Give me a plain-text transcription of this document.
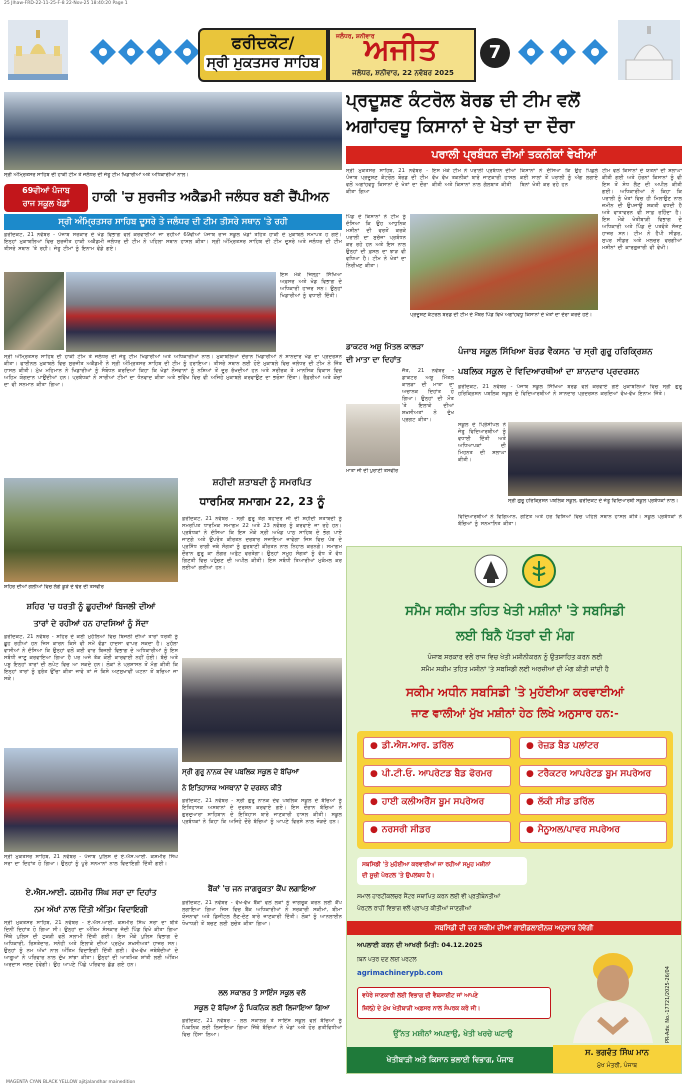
25 Jlhaw-FRD-22-11-25-F-8 22-Nov-25 18:40:20 Page 1
ਫਰੀਦਕੋਟ/
ਸ੍ਰੀ ਮੁਕਤਸਰ ਸਾਹਿਬ
ਜਲੰਧਰ, ਸ਼ਨੀਵਾਰ
ਅਜੀਤ
ਜਲੰਧਰ, ਸ਼ਨੀਵਾਰ, 22 ਨਵੰਬਰ 2025
7
ਪ੍ਰਦੂਸ਼ਣ ਕੰਟਰੋਲ ਬੋਰਡ ਦੀ ਟੀਮ ਵਲੋਂ
ਅਗਾਂਹਵਧੂ ਕਿਸਾਨਾਂ ਦੇ ਖੇਤਾਂ ਦਾ ਦੌਰਾ
ਪਰਾਲੀ ਪ੍ਰਬੰਧਨ ਦੀਆਂ ਤਕਨੀਕਾਂ ਵੇਖੀਆਂ
ਸ੍ਰੀ ਮੁਕਤਸਰ ਸਾਹਿਬ, 21 ਨਵੰਬਰ - ਪੰਜਾਬ ਪ੍ਰਦੂਸ਼ਣ ਕੰਟਰੋਲ ਬੋਰਡ ਦੀ ਟੀਮ ਵਲੋਂ ਅਗਾਂਹਵਧੂ ਕਿਸਾਨਾਂ ਦੇ ਖੇਤਾਂ ਦਾ ਦੌਰਾ ਕੀਤਾ ਗਿਆ
ਇਸ ਮੌਕੇ ਟੀਮ ਨੇ ਪਰਾਲੀ ਪ੍ਰਬੰਧਨ ਦੀਆਂ ਵੱਖ ਵੱਖ ਤਕਨੀਕਾਂ ਬਾਰੇ ਜਾਣਕਾਰੀ ਹਾਸਲ ਕੀਤੀ ਅਤੇ ਕਿਸਾਨਾਂ ਨਾਲ ਗੱਲਬਾਤ ਕੀਤੀ
ਕਿਸਾਨਾਂ ਨੇ ਦੱਸਿਆ ਕਿ ਉਹ ਪਿਛਲੇ ਕਈ ਸਾਲਾਂ ਤੋਂ ਪਰਾਲੀ ਨੂੰ ਅੱਗ ਲਗਾਏ ਬਿਨਾਂ ਖੇਤੀ ਕਰ ਰਹੇ ਹਨ
ਟੀਮ ਵਲੋਂ ਕਿਸਾਨਾਂ ਦੇ ਯਤਨਾਂ ਦੀ ਸ਼ਲਾਘਾ ਕੀਤੀ ਗਈ ਅਤੇ ਹੋਰਨਾਂ ਕਿਸਾਨਾਂ ਨੂੰ ਵੀ ਇਸ ਤੋਂ ਸੇਧ ਲੈਣ ਦੀ ਅਪੀਲ ਕੀਤੀ ਗਈ। ਅਧਿਕਾਰੀਆਂ ਨੇ ਕਿਹਾ ਕਿ ਪਰਾਲੀ ਨੂੰ ਖੇਤਾਂ ਵਿਚ ਹੀ ਮਿਲਾਉਣ ਨਾਲ ਜ਼ਮੀਨ ਦੀ ਉਪਜਾਊ ਸ਼ਕਤੀ ਵਧਦੀ ਹੈ ਅਤੇ ਵਾਤਾਵਰਨ ਵੀ ਸਾਫ਼ ਰਹਿੰਦਾ ਹੈ। ਇਸ ਮੌਕੇ ਖੇਤੀਬਾੜੀ ਵਿਭਾਗ ਦੇ ਅਧਿਕਾਰੀ ਅਤੇ ਪਿੰਡ ਦੇ ਪਤਵੰਤੇ ਸੱਜਣ ਹਾਜ਼ਰ ਸਨ। ਟੀਮ ਨੇ ਹੈਪੀ ਸੀਡਰ, ਸੁਪਰ ਸੀਡਰ ਅਤੇ ਮਲਚਰ ਵਰਗੀਆਂ ਮਸ਼ੀਨਾਂ ਦੀ ਕਾਰਗੁਜ਼ਾਰੀ ਵੀ ਵੇਖੀ।
ਪਿੰਡ ਦੇ ਕਿਸਾਨਾਂ ਨੇ ਟੀਮ ਨੂੰ ਦੱਸਿਆ ਕਿ ਉਹ ਆਧੁਨਿਕ ਮਸ਼ੀਨਾਂ ਦੀ ਵਰਤੋਂ ਕਰਕੇ ਪਰਾਲੀ ਦਾ ਸੁਚੱਜਾ ਪ੍ਰਬੰਧਨ ਕਰ ਰਹੇ ਹਨ ਅਤੇ ਇਸ ਨਾਲ ਉਨ੍ਹਾਂ ਦੀ ਫ਼ਸਲ ਦਾ ਝਾੜ ਵੀ ਵਧਿਆ ਹੈ। ਟੀਮ ਨੇ ਖੇਤਾਂ ਦਾ ਨਿਰੀਖਣ ਕੀਤਾ।
ਪ੍ਰਦੂਸ਼ਣ ਕੰਟਰੋਲ ਬੋਰਡ ਦੀ ਟੀਮ ਦੇ ਮੈਂਬਰ ਪਿੰਡ ਵਿਖੇ ਅਗਾਂਹਵਧੂ ਕਿਸਾਨਾਂ ਦੇ ਖੇਤਾਂ ਦਾ ਦੌਰਾ ਕਰਦੇ ਹੋਏ।
ਸ੍ਰੀ ਅੰਮ੍ਰਿਤਸਰ ਸਾਹਿਬ ਦੀ ਹਾਕੀ ਟੀਮ ਤੇ ਜਲੰਧਰ ਦੀ ਜੇਤੂ ਟੀਮ ਖਿਡਾਰੀਆਂ ਅਤੇ ਅਧਿਕਾਰੀਆਂ ਨਾਲ।
69ਵੀਆਂ ਪੰਜਾਬ
ਰਾਜ ਸਕੂਲ ਖੇਡਾਂ	ਹਾਕੀ 'ਚ ਸੁਰਜੀਤ ਅਕੈਡਮੀ ਜਲੰਧਰ ਬਣੀ ਚੈਂਪੀਅਨ
ਸ੍ਰੀ ਅੰਮ੍ਰਿਤਸਰ ਸਾਹਿਬ ਦੂਸਰੇ ਤੇ ਜਲੰਧਰ ਦੀ ਟੀਮ ਤੀਸਰੇ ਸਥਾਨ 'ਤੇ ਰਹੀ
ਫ਼ਰੀਦਕੋਟ, 21 ਨਵੰਬਰ - ਪੰਜਾਬ ਸਰਕਾਰ ਦੇ ਖੇਡ ਵਿਭਾਗ ਵਲੋਂ ਕਰਵਾਈਆਂ ਜਾ ਰਹੀਆਂ 69ਵੀਆਂ ਪੰਜਾਬ ਰਾਜ ਸਕੂਲ ਖੇਡਾਂ ਤਹਿਤ ਹਾਕੀ ਦੇ ਮੁਕਾਬਲੇ ਸਮਾਪਤ ਹੋ ਗਏ। ਇਨ੍ਹਾਂ ਮੁਕਾਬਲਿਆਂ ਵਿਚ ਸੁਰਜੀਤ ਹਾਕੀ ਅਕੈਡਮੀ ਜਲੰਧਰ ਦੀ ਟੀਮ ਨੇ ਪਹਿਲਾ ਸਥਾਨ ਹਾਸਲ ਕੀਤਾ। ਸ੍ਰੀ ਅੰਮ੍ਰਿਤਸਰ ਸਾਹਿਬ ਦੀ ਟੀਮ ਦੂਸਰੇ ਅਤੇ ਜਲੰਧਰ ਦੀ ਟੀਮ ਤੀਸਰੇ ਸਥਾਨ 'ਤੇ ਰਹੀ। ਜੇਤੂ ਟੀਮਾਂ ਨੂੰ ਇਨਾਮ ਵੰਡੇ ਗਏ।
ਇਸ ਮੌਕੇ ਜ਼ਿਲ੍ਹਾ ਸਿੱਖਿਆ ਅਫ਼ਸਰ ਅਤੇ ਖੇਡ ਵਿਭਾਗ ਦੇ ਅਧਿਕਾਰੀ ਹਾਜ਼ਰ ਸਨ। ਉਨ੍ਹਾਂ ਖਿਡਾਰੀਆਂ ਨੂੰ ਵਧਾਈ ਦਿੱਤੀ।
ਸ੍ਰੀ ਅੰਮ੍ਰਿਤਸਰ ਸਾਹਿਬ ਦੀ ਹਾਕੀ ਟੀਮ ਤੇ ਜਲੰਧਰ ਦੀ ਜੇਤੂ ਟੀਮ ਖਿਡਾਰੀਆਂ ਅਤੇ ਅਧਿਕਾਰੀਆਂ ਨਾਲ। ਮੁਕਾਬਲਿਆਂ ਦੌਰਾਨ ਖਿਡਾਰੀਆਂ ਨੇ ਸ਼ਾਨਦਾਰ ਖੇਡ ਦਾ ਪ੍ਰਦਰਸ਼ਨ ਕੀਤਾ। ਫਾਈਨਲ ਮੁਕਾਬਲੇ ਵਿਚ ਸੁਰਜੀਤ ਅਕੈਡਮੀ ਨੇ ਸ੍ਰੀ ਅੰਮ੍ਰਿਤਸਰ ਸਾਹਿਬ ਦੀ ਟੀਮ ਨੂੰ ਹਰਾਇਆ। ਤੀਸਰੇ ਸਥਾਨ ਲਈ ਹੋਏ ਮੁਕਾਬਲੇ ਵਿਚ ਜਲੰਧਰ ਦੀ ਟੀਮ ਨੇ ਜਿੱਤ ਹਾਸਲ ਕੀਤੀ। ਮੁੱਖ ਮਹਿਮਾਨ ਨੇ ਖਿਡਾਰੀਆਂ ਨੂੰ ਸੰਬੋਧਨ ਕਰਦਿਆਂ ਕਿਹਾ ਕਿ ਖੇਡਾਂ ਨੌਜਵਾਨਾਂ ਨੂੰ ਨਸ਼ਿਆਂ ਤੋਂ ਦੂਰ ਰੱਖਦੀਆਂ ਹਨ ਅਤੇ ਸਰੀਰਕ ਤੇ ਮਾਨਸਿਕ ਵਿਕਾਸ ਵਿਚ ਅਹਿਮ ਯੋਗਦਾਨ ਪਾਉਂਦੀਆਂ ਹਨ। ਪ੍ਰਬੰਧਕਾਂ ਨੇ ਸਾਰੀਆਂ ਟੀਮਾਂ ਦਾ ਧੰਨਵਾਦ ਕੀਤਾ ਅਤੇ ਭਵਿੱਖ ਵਿਚ ਵੀ ਅਜਿਹੇ ਮੁਕਾਬਲੇ ਕਰਵਾਉਣ ਦਾ ਭਰੋਸਾ ਦਿੱਤਾ। ਰੈਫ਼ਰੀਆਂ ਅਤੇ ਕੋਚਾਂ ਦਾ ਵੀ ਸਨਮਾਨ ਕੀਤਾ ਗਿਆ।
ਡਾਕਟਰ ਅਸ਼ੂ ਮਿੱਤਲ ਕਾਲੜਾ
ਦੀ ਮਾਤਾ ਦਾ ਦਿਹਾਂਤ
ਜੈਤੋ, 21 ਨਵੰਬਰ - ਡਾਕਟਰ ਅਸ਼ੂ ਮਿੱਤਲ ਕਾਲੜਾ ਦੀ ਮਾਤਾ ਦਾ ਅਚਾਨਕ ਦਿਹਾਂਤ ਹੋ ਗਿਆ। ਉਨ੍ਹਾਂ ਦੀ ਮੌਤ 'ਤੇ ਇਲਾਕੇ ਦੀਆਂ ਸ਼ਖ਼ਸੀਅਤਾਂ ਨੇ ਦੁੱਖ ਪ੍ਰਗਟ ਕੀਤਾ।
ਮਾਤਾ ਜੀ ਦੀ ਪੁਰਾਣੀ ਤਸਵੀਰ
ਪੰਜਾਬ ਸਕੂਲ ਸਿੱਖਿਆ ਬੋਰਡ ਵੈਕਸਨ 'ਚ ਸ੍ਰੀ ਗੁਰੂ ਹਰਿਕ੍ਰਿਸ਼ਨ
ਪਬਲਿਕ ਸਕੂਲ ਦੇ ਵਿਦਿਆਰਥੀਆਂ ਦਾ ਸ਼ਾਨਦਾਰ ਪ੍ਰਦਰਸ਼ਨ
ਫ਼ਰੀਦਕੋਟ, 21 ਨਵੰਬਰ - ਪੰਜਾਬ ਸਕੂਲ ਸਿੱਖਿਆ ਬੋਰਡ ਵਲੋਂ ਕਰਵਾਏ ਗਏ ਮੁਕਾਬਲਿਆਂ ਵਿਚ ਸ੍ਰੀ ਗੁਰੂ ਹਰਿਕ੍ਰਿਸ਼ਨ ਪਬਲਿਕ ਸਕੂਲ ਦੇ ਵਿਦਿਆਰਥੀਆਂ ਨੇ ਸ਼ਾਨਦਾਰ ਪ੍ਰਦਰਸ਼ਨ ਕਰਦਿਆਂ ਵੱਖ-ਵੱਖ ਇਨਾਮ ਜਿੱਤੇ।
ਸ੍ਰੀ ਗੁਰੂ ਹਰਿਕ੍ਰਿਸ਼ਨ ਪਬਲਿਕ ਸਕੂਲ, ਫਰੀਦਕੋਟ ਦੇ ਜੇਤੂ ਵਿਦਿਆਰਥੀ ਸਕੂਲ ਪ੍ਰਬੰਧਕਾਂ ਨਾਲ।
ਸਕੂਲ ਦੇ ਪ੍ਰਿੰਸੀਪਲ ਨੇ ਜੇਤੂ ਵਿਦਿਆਰਥੀਆਂ ਨੂੰ ਵਧਾਈ ਦਿੱਤੀ ਅਤੇ ਅਧਿਆਪਕਾਂ ਦੀ ਮਿਹਨਤ ਦੀ ਸ਼ਲਾਘਾ ਕੀਤੀ।
ਵਿਦਿਆਰਥੀਆਂ ਨੇ ਵਿਗਿਆਨ, ਗਣਿਤ ਅਤੇ ਹੋਰ ਵਿਸ਼ਿਆਂ ਵਿਚ ਪਹਿਲੇ ਸਥਾਨ ਹਾਸਲ ਕੀਤੇ। ਸਕੂਲ ਪ੍ਰਬੰਧਕਾਂ ਨੇ ਬੱਚਿਆਂ ਨੂੰ ਸਨਮਾਨਿਤ ਕੀਤਾ।
ਸ਼ਹੀਦੀ ਸ਼ਤਾਬਦੀ ਨੂੰ ਸਮਰਪਿਤ
ਧਾਰਮਿਕ ਸਮਾਗਮ 22, 23 ਨੂੰ
ਫ਼ਰੀਦਕੋਟ, 21 ਨਵੰਬਰ - ਸ੍ਰੀ ਗੁਰੂ ਤੇਗ ਬਹਾਦਰ ਜੀ ਦੀ ਸ਼ਹੀਦੀ ਸ਼ਤਾਬਦੀ ਨੂੰ ਸਮਰਪਿਤ ਧਾਰਮਿਕ ਸਮਾਗਮ 22 ਅਤੇ 23 ਨਵੰਬਰ ਨੂੰ ਕਰਵਾਏ ਜਾ ਰਹੇ ਹਨ। ਪ੍ਰਬੰਧਕਾਂ ਨੇ ਦੱਸਿਆ ਕਿ ਇਸ ਮੌਕੇ ਸ੍ਰੀ ਅਖੰਡ ਪਾਠ ਸਾਹਿਬ ਦੇ ਭੋਗ ਪਾਏ ਜਾਣਗੇ ਅਤੇ ਉਪਰੰਤ ਕੀਰਤਨ ਦਰਬਾਰ ਸਜਾਇਆ ਜਾਵੇਗਾ ਜਿਸ ਵਿਚ ਪੰਥ ਦੇ ਪ੍ਰਸਿੱਧ ਰਾਗੀ ਜਥੇ ਸੰਗਤਾਂ ਨੂੰ ਗੁਰਬਾਣੀ ਕੀਰਤਨ ਨਾਲ ਨਿਹਾਲ ਕਰਨਗੇ। ਸਮਾਗਮ ਦੌਰਾਨ ਗੁਰੂ ਕਾ ਲੰਗਰ ਅਤੁੱਟ ਵਰਤੇਗਾ। ਉਨ੍ਹਾਂ ਸਮੂਹ ਸੰਗਤਾਂ ਨੂੰ ਵੱਧ ਤੋਂ ਵੱਧ ਗਿਣਤੀ ਵਿਚ ਪਹੁੰਚਣ ਦੀ ਅਪੀਲ ਕੀਤੀ। ਇਸ ਸਬੰਧੀ ਤਿਆਰੀਆਂ ਮੁਕੰਮਲ ਕਰ ਲਈਆਂ ਗਈਆਂ ਹਨ।
ਸ਼ਹਿਰ ਦੀਆਂ ਗਲੀਆਂ ਵਿਚ ਲੱਗੇ ਕੂੜੇ ਦੇ ਢੇਰ ਦੀ ਤਸਵੀਰ
ਸ਼ਹਿਰ 'ਚ ਧਰਤੀ ਨੂੰ ਛੂਹਦੀਆਂ ਬਿਜਲੀ ਦੀਆਂ
ਤਾਰਾਂ ਦੇ ਰਹੀਆਂ ਹਨ ਹਾਦਸਿਆਂ ਨੂੰ ਸੱਦਾ
ਫ਼ਰੀਦਕੋਟ, 21 ਨਵੰਬਰ - ਸ਼ਹਿਰ ਦੇ ਕਈ ਮੁਹੱਲਿਆਂ ਵਿਚ ਬਿਜਲੀ ਦੀਆਂ ਤਾਰਾਂ ਧਰਤੀ ਨੂੰ ਛੂਹ ਰਹੀਆਂ ਹਨ ਜਿਸ ਕਾਰਨ ਕਿਸੇ ਵੀ ਸਮੇਂ ਵੱਡਾ ਹਾਦਸਾ ਵਾਪਰ ਸਕਦਾ ਹੈ। ਮੁਹੱਲਾ ਵਾਸੀਆਂ ਨੇ ਦੱਸਿਆ ਕਿ ਉਨ੍ਹਾਂ ਵਲੋਂ ਕਈ ਵਾਰ ਬਿਜਲੀ ਵਿਭਾਗ ਦੇ ਅਧਿਕਾਰੀਆਂ ਨੂੰ ਇਸ ਸਬੰਧੀ ਜਾਣੂ ਕਰਵਾਇਆ ਗਿਆ ਹੈ ਪਰ ਅਜੇ ਤੱਕ ਕੋਈ ਕਾਰਵਾਈ ਨਹੀਂ ਹੋਈ। ਬੱਚੇ ਅਤੇ ਪਸ਼ੂ ਇਨ੍ਹਾਂ ਤਾਰਾਂ ਦੀ ਲਪੇਟ ਵਿਚ ਆ ਸਕਦੇ ਹਨ। ਲੋਕਾਂ ਨੇ ਪ੍ਰਸ਼ਾਸਨ ਤੋਂ ਮੰਗ ਕੀਤੀ ਕਿ ਇਨ੍ਹਾਂ ਤਾਰਾਂ ਨੂੰ ਤੁਰੰਤ ਉੱਚਾ ਕੀਤਾ ਜਾਵੇ ਤਾਂ ਜੋ ਕਿਸੇ ਅਣਸੁਖਾਵੀਂ ਘਟਨਾ ਤੋਂ ਬਚਿਆ ਜਾ ਸਕੇ।
ਸ੍ਰੀ ਗੁਰੂ ਨਾਨਕ ਦੇਵ ਪਬਲਿਕ ਸਕੂਲ ਦੇ ਬੱਚਿਆਂ
ਨੇ ਇਤਿਹਾਸਕ ਅਸਥਾਨਾਂ ਦੇ ਦਰਸ਼ਨ ਕੀਤੇ
ਫ਼ਰੀਦਕੋਟ, 21 ਨਵੰਬਰ - ਸ੍ਰੀ ਗੁਰੂ ਨਾਨਕ ਦੇਵ ਪਬਲਿਕ ਸਕੂਲ ਦੇ ਬੱਚਿਆਂ ਨੂੰ ਇਤਿਹਾਸਕ ਅਸਥਾਨਾਂ ਦੇ ਦਰਸ਼ਨ ਕਰਵਾਏ ਗਏ। ਇਸ ਦੌਰਾਨ ਬੱਚਿਆਂ ਨੇ ਗੁਰਦੁਆਰਾ ਸਾਹਿਬਾਨ ਦੇ ਇਤਿਹਾਸ ਬਾਰੇ ਜਾਣਕਾਰੀ ਹਾਸਲ ਕੀਤੀ। ਸਕੂਲ ਪ੍ਰਬੰਧਕਾਂ ਨੇ ਕਿਹਾ ਕਿ ਅਜਿਹੇ ਦੌਰੇ ਬੱਚਿਆਂ ਨੂੰ ਆਪਣੇ ਵਿਰਸੇ ਨਾਲ ਜੋੜਦੇ ਹਨ।
ਬੈਂਕਾਂ 'ਚ ਜਨ ਜਾਗਰੂਕਤਾ ਕੈਂਪ ਲਗਾਇਆ
ਫ਼ਰੀਦਕੋਟ, 21 ਨਵੰਬਰ - ਵੱਖ-ਵੱਖ ਬੈਂਕਾਂ ਵਲੋਂ ਲੋਕਾਂ ਨੂੰ ਜਾਗਰੂਕ ਕਰਨ ਲਈ ਕੈਂਪ ਲਗਾਇਆ ਗਿਆ ਜਿਸ ਵਿਚ ਬੈਂਕ ਅਧਿਕਾਰੀਆਂ ਨੇ ਸਰਕਾਰੀ ਸਕੀਮਾਂ, ਬੀਮਾ ਯੋਜਨਾਵਾਂ ਅਤੇ ਡਿਜੀਟਲ ਲੈਣ-ਦੇਣ ਬਾਰੇ ਜਾਣਕਾਰੀ ਦਿੱਤੀ। ਲੋਕਾਂ ਨੂੰ ਆਨਲਾਈਨ ਧੋਖਾਧੜੀ ਤੋਂ ਬਚਣ ਲਈ ਸੁਚੇਤ ਕੀਤਾ ਗਿਆ।
ਲਲ ਸਕਾਲਰ ਤੇ ਸਾਇੰਸ ਸਕੂਲ ਵਲੋਂ
ਸਕੂਲ ਦੇ ਬੱਚਿਆਂ ਨੂੰ ਪਿਕਨਿਕ ਲਈ ਲਿਜਾਇਆ ਗਿਆ
ਫ਼ਰੀਦਕੋਟ, 21 ਨਵੰਬਰ - ਲਲ ਸਕਾਲਰ ਤੇ ਸਾਇੰਸ ਸਕੂਲ ਵਲੋਂ ਬੱਚਿਆਂ ਨੂੰ ਪਿਕਨਿਕ ਲਈ ਲਿਜਾਇਆ ਗਿਆ ਜਿੱਥੇ ਬੱਚਿਆਂ ਨੇ ਖੇਡਾਂ ਅਤੇ ਹੋਰ ਗਤੀਵਿਧੀਆਂ ਵਿਚ ਹਿੱਸਾ ਲਿਆ।
ਸ੍ਰੀ ਮੁਕਤਸਰ ਸਾਹਿਬ, 21 ਨਵੰਬਰ - ਪੰਜਾਬ ਪੁਲਿਸ ਦੇ ਏ.ਐਸ.ਆਈ. ਕਸ਼ਮੀਰ ਸਿੰਘ ਸਰਾ ਦਾ ਦਿਹਾਂਤ ਹੋ ਗਿਆ। ਉਨ੍ਹਾਂ ਨੂੰ ਪੂਰੇ ਸਨਮਾਨਾਂ ਨਾਲ ਵਿਦਾਇਗੀ ਦਿੱਤੀ ਗਈ।
ਏ.ਐਸ.ਆਈ. ਕਸ਼ਮੀਰ ਸਿੰਘ ਸਰਾ ਦਾ ਦਿਹਾਂਤ
ਨਮ ਅੱਖਾਂ ਨਾਲ ਦਿੱਤੀ ਅੰਤਿਮ ਵਿਦਾਇਗੀ
ਸ੍ਰੀ ਮੁਕਤਸਰ ਸਾਹਿਬ, 21 ਨਵੰਬਰ - ਏ.ਐਸ.ਆਈ. ਕਸ਼ਮੀਰ ਸਿੰਘ ਸਰਾ ਦਾ ਬੀਤੇ ਦਿਨੀਂ ਦਿਹਾਂਤ ਹੋ ਗਿਆ ਸੀ। ਉਨ੍ਹਾਂ ਦਾ ਅੰਤਿਮ ਸੰਸਕਾਰ ਜੱਦੀ ਪਿੰਡ ਵਿਖੇ ਕੀਤਾ ਗਿਆ ਜਿੱਥੇ ਪੁਲਿਸ ਦੀ ਟੁਕੜੀ ਵਲੋਂ ਸਲਾਮੀ ਦਿੱਤੀ ਗਈ। ਇਸ ਮੌਕੇ ਪੁਲਿਸ ਵਿਭਾਗ ਦੇ ਅਧਿਕਾਰੀ, ਰਿਸ਼ਤੇਦਾਰ, ਸਨੇਹੀ ਅਤੇ ਇਲਾਕੇ ਦੀਆਂ ਪ੍ਰਮੁੱਖ ਸ਼ਖ਼ਸੀਅਤਾਂ ਹਾਜ਼ਰ ਸਨ। ਉਨ੍ਹਾਂ ਨੂੰ ਨਮ ਅੱਖਾਂ ਨਾਲ ਅੰਤਿਮ ਵਿਦਾਇਗੀ ਦਿੱਤੀ ਗਈ। ਵੱਖ-ਵੱਖ ਜਥੇਬੰਦੀਆਂ ਦੇ ਆਗੂਆਂ ਨੇ ਪਰਿਵਾਰ ਨਾਲ ਦੁੱਖ ਸਾਂਝਾ ਕੀਤਾ। ਉਨ੍ਹਾਂ ਦੀ ਆਤਮਿਕ ਸ਼ਾਂਤੀ ਲਈ ਅੰਤਿਮ ਅਰਦਾਸ ਜਲਦ ਹੋਵੇਗੀ। ਉਹ ਆਪਣੇ ਪਿੱਛੇ ਪਰਿਵਾਰ ਛੱਡ ਗਏ ਹਨ।
ਸਮੈਮ ਸਕੀਮ ਤਹਿਤ ਖੇਤੀ ਮਸ਼ੀਨਾਂ 'ਤੇ ਸਬਸਿਡੀ
ਲਈ ਬਿਨੈ ਪੱਤਰਾਂ ਦੀ ਮੰਗ
ਪੰਜਾਬ ਸਰਕਾਰ ਵਲੋਂ ਰਾਜ ਵਿਚ ਖੇਤੀ ਮਸ਼ੀਨੀਕਰਨ ਨੂੰ ਉਤਸ਼ਾਹਿਤ ਕਰਨ ਲਈ
ਸਮੈਮ ਸਕੀਮ ਤਹਿਤ ਮਸ਼ੀਨਾਂ 'ਤੇ ਸਬਸਿਡੀ ਲਈ ਅਰਜ਼ੀਆਂ ਦੀ ਮੰਗ ਕੀਤੀ ਜਾਂਦੀ ਹੈ
ਸਕੀਮ ਅਧੀਨ ਸਬਸਿਡੀ 'ਤੇ ਮੁਹੱਈਆ ਕਰਵਾਈਆਂ
ਜਾਣ ਵਾਲੀਆਂ ਮੁੱਖ ਮਸ਼ੀਨਾਂ ਹੇਠ ਲਿਖੇ ਅਨੁਸਾਰ ਹਨ:-
● ਡੀ.ਐਸ.ਆਰ. ਡਰਿੱਲ
● ਪੀ.ਟੀ.ਓ. ਆਪਰੇਟਡ ਬੈਡ ਫੋਰਮਰ
● ਹਾਈ ਕਲੀਅਰੈਂਸ ਬੂਮ ਸਪਰੇਅਰ
● ਨਰਸਰੀ ਸੀਡਰ
● ਰੇਜ਼ਡ ਬੈਡ ਪਲਾਂਟਰ
● ਟਰੈਕਟਰ ਆਪਰੇਟਡ ਬੂਮ ਸਪਰੇਅਰ
● ਲੱਕੀ ਸੀਡ ਡਰਿੱਲ
● ਮੈਨੂਅਲ/ਪਾਵਰ ਸਪਰੇਅਰ
ਸਬਸਿਡੀ 'ਤੇ ਮੁਹੱਈਆ ਕਰਵਾਈਆਂ ਜਾ ਰਹੀਆਂ ਸਮੂਹ ਮਸ਼ੀਨਾਂ
ਦੀ ਸੂਚੀ ਪੋਰਟਲ 'ਤੇ ਉਪਲਬਧ ਹੈ।
ਸਮਾਲ ਹਾਰਟੀਕਲਚਰ ਸੈਂਟਰ ਸਥਾਪਿਤ ਕਰਨ ਲਈ ਵੀ ਪ੍ਰਤੀਬੇਨਤੀਆਂ
ਪੋਰਟਲ ਰਾਹੀਂ ਵਿਭਾਗ ਵਲੋਂ ਪ੍ਰਾਪਤ ਕੀਤੀਆਂ ਜਾਣਗੀਆਂ
ਸਬਸਿਡੀ ਦੀ ਦਰ ਸਕੀਮ ਦੀਆਂ ਗਾਈਡਲਾਈਨਜ਼ ਅਨੁਸਾਰ ਹੋਵੇਗੀ
ਅਪਲਾਈ ਕਰਨ ਦੀ ਆਖਰੀ ਮਿਤੀ: 04.12.2025
ਬਿਨੈ ਪੱਤਰ ਦੇਣ ਲਈ ਪੋਰਟਲ
agrimachinerypb.com
ਵਧੇਰੇ ਜਾਣਕਾਰੀ ਲਈ ਵਿਭਾਗ ਦੀ ਵੈਬਸਾਈਟ ਜਾਂ ਆਪਣੇ
ਜ਼ਿਲ੍ਹੇ ਦੇ ਮੁੱਖ ਖੇਤੀਬਾੜੀ ਅਫ਼ਸਰ ਨਾਲ ਸੰਪਰਕ ਕਰੋ ਜੀ।
ਉੱਨਤ ਮਸ਼ੀਨਾਂ ਅਪਣਾਉ, ਖੇਤੀ ਖਰਚੇ ਘਟਾਉ
ਖੇਤੀਬਾੜੀ ਅਤੇ ਕਿਸਾਨ ਭਲਾਈ ਵਿਭਾਗ, ਪੰਜਾਬ
PR-Adv. No.-17721/2025-26/04
ਸ. ਭਗਵੰਤ ਸਿੰਘ ਮਾਨ
ਮੁੱਖ ਮੰਤਰੀ, ਪੰਜਾਬ
MAGENTA CYAN BLACK YELLOW ajitjalandhar mainedition
